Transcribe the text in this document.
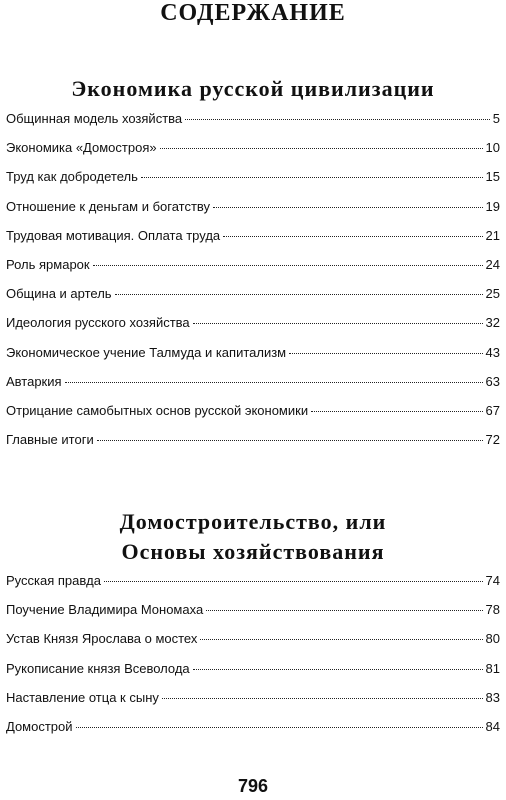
СОДЕРЖАНИЕ
Экономика русской цивилизации
Общинная модель хозяйства	5
Экономика «Домостроя»	10
Труд как добродетель	15
Отношение к деньгам и богатству	19
Трудовая мотивация. Оплата труда	21
Роль ярмарок	24
Община и артель	25
Идеология русского хозяйства	32
Экономическое учение Талмуда и капитализм	43
Автаркия	63
Отрицание самобытных основ русской экономики	67
Главные итоги	72
Домостроительство, или
Основы хозяйствования
Русская правда	74
Поучение Владимира Мономаха	78
Устав Князя Ярослава о мостех	80
Рукописание князя Всеволода	81
Наставление отца к сыну	83
Домострой	84
796
